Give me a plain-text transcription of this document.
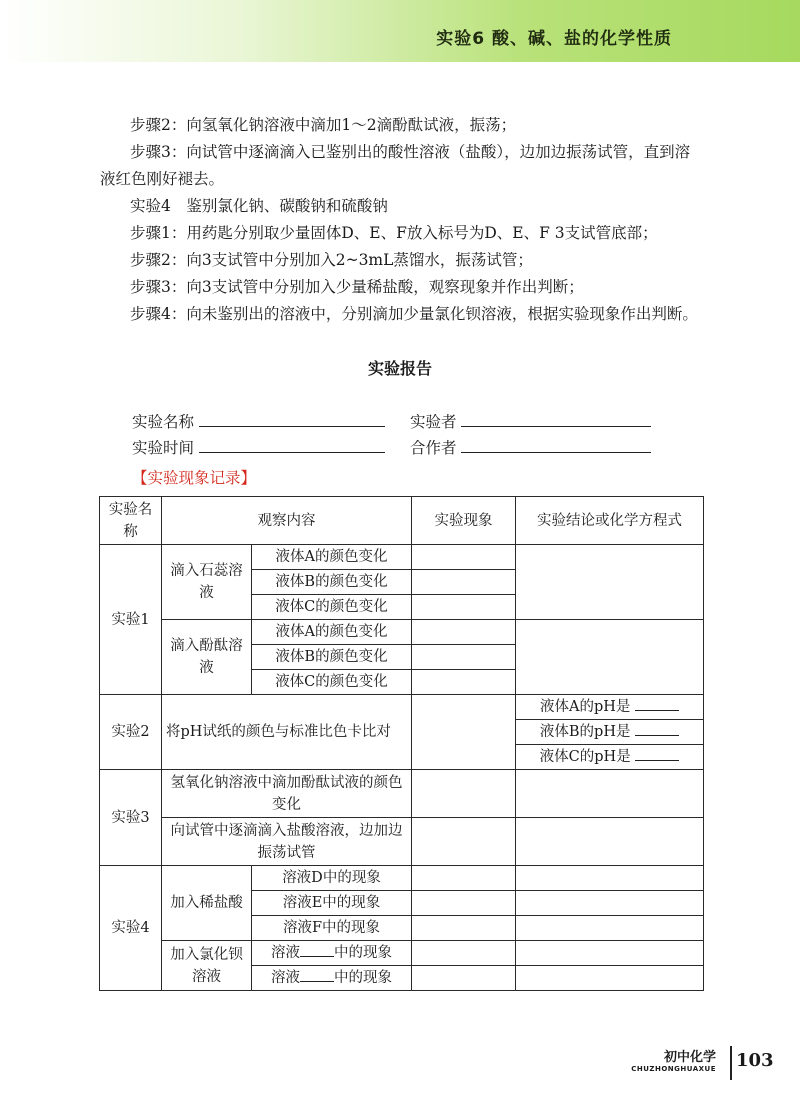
实验6 酸、碱、盐的化学性质

步骤2：向氢氧化钠溶液中滴加1～2滴酚酞试液，振荡；

步骤3：向试管中逐滴滴入已鉴别出的酸性溶液（盐酸），边加边振荡试管，直到溶液红色刚好褪去。

实验4　鉴别氯化钠、碳酸钠和硫酸钠

步骤1：用药匙分别取少量固体D、E、F放入标号为D、E、F 3支试管底部；

步骤2：向3支试管中分别加入2~3mL蒸馏水，振荡试管；

步骤3：向3支试管中分别加入少量稀盐酸，观察现象并作出判断；

步骤4：向未鉴别出的溶液中，分别滴加少量氯化钡溶液，根据实验现象作出判断。

实验报告
实验名称	实验者
实验时间	合作者
【实验现象记录】
实验名称	观察内容		实验现象	实验结论或化学方程式
实验1	滴入石蕊溶液	液体A的颜色变化		
		液体B的颜色变化		
		液体C的颜色变化		
	滴入酚酞溶液	液体A的颜色变化		
		液体B的颜色变化		
		液体C的颜色变化		
实验2	将pH试纸的颜色与标准比色卡比对			液体A的pH是
				液体B的pH是
				液体C的pH是
实验3	氢氧化钠溶液中滴加酚酞试液的颜色变化			
	向试管中逐滴滴入盐酸溶液，边加边振荡试管			
实验4	加入稀盐酸	溶液D中的现象		
		溶液E中的现象		
		溶液F中的现象		
	加入氯化钡溶液	溶液 中的现象		
		溶液 中的现象		
初中化学
CHUZHONGHUAXUE 103
